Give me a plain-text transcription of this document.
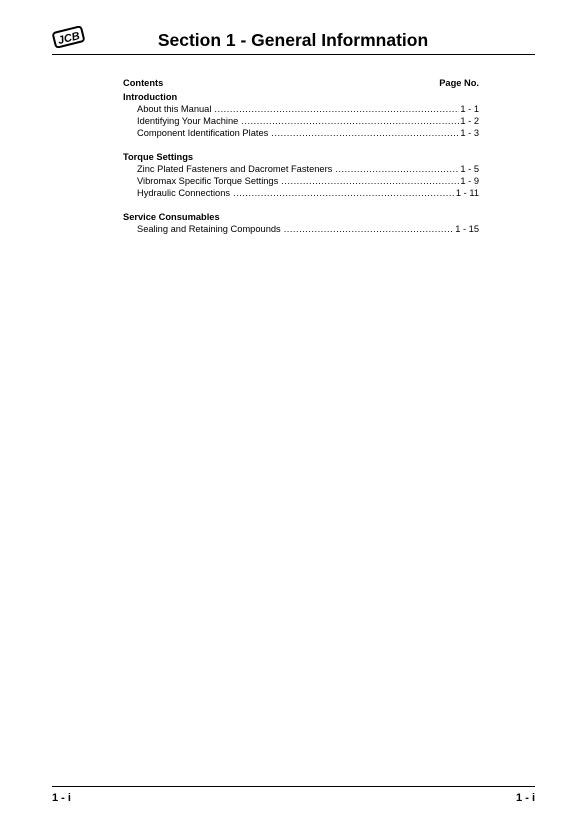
JCB	Section 1 - General Informnation
Contents	Page No.
Introduction
About this Manual .....	1 - 1
Identifying Your Machine .....	1 - 2
Component Identification Plates .....	1 - 3
Torque Settings
Zinc Plated Fasteners and Dacromet Fasteners .....	1 - 5
Vibromax Specific Torque Settings .....	1 - 9
Hydraulic Connections .....	1 - 11
Service Consumables
Sealing and Retaining Compounds .....	1 - 15
1 - i	1 - i
